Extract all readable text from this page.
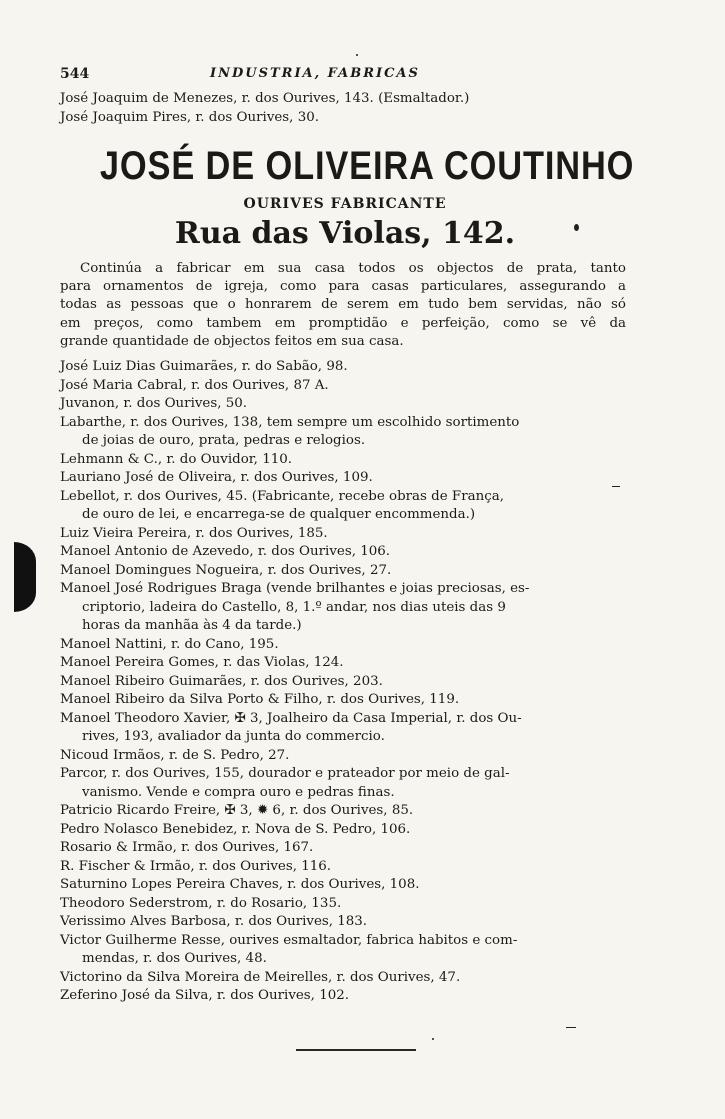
544	INDUSTRIA, FABRICAS
José Joaquim de Menezes, r. dos Ourives, 143. (Esmaltador.)
José Joaquim Pires, r. dos Ourives, 30.
JOSÉ DE OLIVEIRA COUTINHO
OURIVES FABRICANTE
Rua das Violas, 142.
Continúa a fabricar em sua casa todos os objectos de prata, tanto
para ornamentos de igreja, como para casas particulares, assegurando a
todas as pessoas que o honrarem de serem em tudo bem servidas, não só
em preços, como tambem em promptidão e perfeição, como se vê da
grande quantidade de objectos feitos em sua casa.
José Luiz Dias Guimarães, r. do Sabão, 98.
José Maria Cabral, r. dos Ourives, 87 A.
Juvanon, r. dos Ourives, 50.
Labarthe, r. dos Ourives, 138, tem sempre um escolhido sortimento
de joias de ouro, prata, pedras e relogios.
Lehmann & C., r. do Ouvidor, 110.
Lauriano José de Oliveira, r. dos Ourives, 109.
Lebellot, r. dos Ourives, 45. (Fabricante, recebe obras de França,
de ouro de lei, e encarrega-se de qualquer encommenda.)
Luiz Vieira Pereira, r. dos Ourives, 185.
Manoel Antonio de Azevedo, r. dos Ourives, 106.
Manoel Domingues Nogueira, r. dos Ourives, 27.
Manoel José Rodrigues Braga (vende brilhantes e joias preciosas, es-
criptorio, ladeira do Castello, 8, 1.º andar, nos dias uteis das 9
horas da manhãa às 4 da tarde.)
Manoel Nattini, r. do Cano, 195.
Manoel Pereira Gomes, r. das Violas, 124.
Manoel Ribeiro Guimarães, r. dos Ourives, 203.
Manoel Ribeiro da Silva Porto & Filho, r. dos Ourives, 119.
Manoel Theodoro Xavier, ✠ 3, Joalheiro da Casa Imperial, r. dos Ou-
rives, 193, avaliador da junta do commercio.
Nicoud Irmãos, r. de S. Pedro, 27.
Parcor, r. dos Ourives, 155, dourador e prateador por meio de gal-
vanismo. Vende e compra ouro e pedras finas.
Patricio Ricardo Freire, ✠ 3, ✹ 6, r. dos Ourives, 85.
Pedro Nolasco Benebidez, r. Nova de S. Pedro, 106.
Rosario & Irmão, r. dos Ourives, 167.
R. Fischer & Irmão, r. dos Ourives, 116.
Saturnino Lopes Pereira Chaves, r. dos Ourives, 108.
Theodoro Sederstrom, r. do Rosario, 135.
Verissimo Alves Barbosa, r. dos Ourives, 183.
Victor Guilherme Resse, ourives esmaltador, fabrica habitos e com-
mendas, r. dos Ourives, 48.
Victorino da Silva Moreira de Meirelles, r. dos Ourives, 47.
Zeferino José da Silva, r. dos Ourives, 102.
